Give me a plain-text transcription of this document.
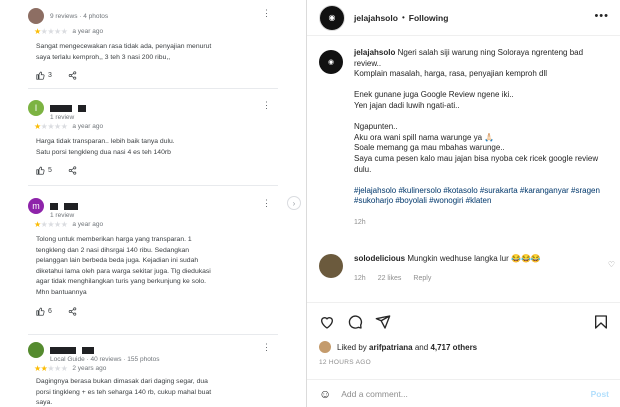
9 reviews · 4 photos
★★★★★ a year ago
Sangat mengecewakan rasa tidak ada, penyajian menurut
saya terlalu kemproh,, 3 teh 3 nasi 200 ribu,,
3
⋮
I
1 review
★★★★★ a year ago
Harga tidak transparan.. lebih baik tanya dulu.
Satu porsi tengkleng dua nasi 4 es teh 140rb
5
⋮
m
1 review
★★★★★ a year ago
Tolong untuk memberikan harga yang transparan. 1
tengkleng dan 2 nasi dihsrgai 140 ribu. Sedangkan
pelanggan lain berbeda beda juga. Kejadian ini sudah
diketahui lama oleh para warga sekitar juga. Tlg diedukasi
agar tidak menghilangkan turis yang berkunjung ke solo.
Mhn bantuannya
6
⋮	›
Local Guide · 40 reviews · 155 photos
★★★★★ 2 years ago
Dagingnya berasa bukan dimasak dari daging segar, dua
porsi tingkleng + es teh seharga 140 rb, cukup mahal buat
saya.
⋮
◉	jelajahsolo • Following	•••
◉
jelajahsolo Ngeri salah siji warung ning Soloraya ngrenteng bad
review..
Komplain masalah, harga, rasa, penyajian kemproh dll
Enek gunane juga Google Review ngene iki..
Yen jajan dadi luwih ngati-ati..
Ngapunten..
Aku ora wani spill nama warunge ya 🙏🏻
Soale memang ga mau mbahas warunge..
Saya cuma pesen kalo mau jajan bisa nyoba cek ricek google review
dulu.
#jelajahsolo #kulinersolo #kotasolo #surakarta #karanganyar #sragen #sukoharjo #boyolali #wonogiri #klaten
12h
solodelicious Mungkin wedhuse langka lur 😂😂😂
12h 22 likes Reply
♡
Liked by
arifpatriana
and
4,717 others
12 HOURS AGO
☺
Add a comment...	Post
